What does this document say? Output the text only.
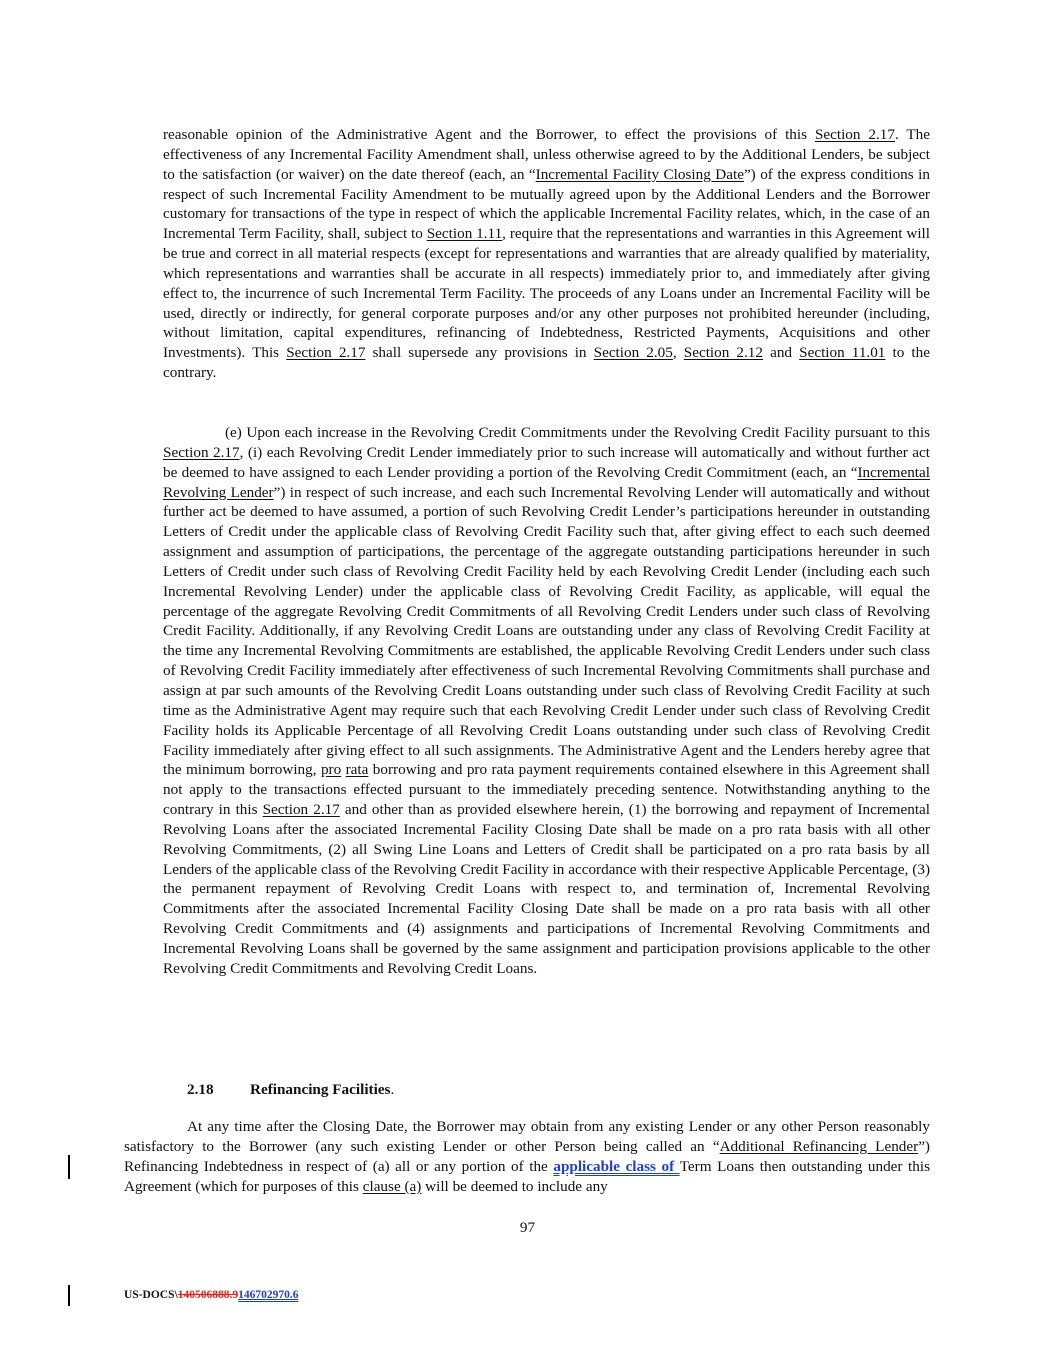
reasonable opinion of the Administrative Agent and the Borrower, to effect the provisions of this Section 2.17. The effectiveness of any Incremental Facility Amendment shall, unless otherwise agreed to by the Additional Lenders, be subject to the satisfaction (or waiver) on the date thereof (each, an “Incremental Facility Closing Date”) of the express conditions in respect of such Incremental Facility Amendment to be mutually agreed upon by the Additional Lenders and the Borrower customary for transactions of the type in respect of which the applicable Incremental Facility relates, which, in the case of an Incremental Term Facility, shall, subject to Section 1.11, require that the representations and warranties in this Agreement will be true and correct in all material respects (except for representations and warranties that are already qualified by materiality, which representations and warranties shall be accurate in all respects) immediately prior to, and immediately after giving effect to, the incurrence of such Incremental Term Facility. The proceeds of any Loans under an Incremental Facility will be used, directly or indirectly, for general corporate purposes and/or any other purposes not prohibited hereunder (including, without limitation, capital expenditures, refinancing of Indebtedness, Restricted Payments, Acquisitions and other Investments). This Section 2.17 shall supersede any provisions in Section 2.05, Section 2.12 and Section 11.01 to the contrary.
(e) Upon each increase in the Revolving Credit Commitments under the Revolving Credit Facility pursuant to this Section 2.17, (i) each Revolving Credit Lender immediately prior to such increase will automatically and without further act be deemed to have assigned to each Lender providing a portion of the Revolving Credit Commitment (each, an “Incremental Revolving Lender”) in respect of such increase, and each such Incremental Revolving Lender will automatically and without further act be deemed to have assumed, a portion of such Revolving Credit Lender’s participations hereunder in outstanding Letters of Credit under the applicable class of Revolving Credit Facility such that, after giving effect to each such deemed assignment and assumption of participations, the percentage of the aggregate outstanding participations hereunder in such Letters of Credit under such class of Revolving Credit Facility held by each Revolving Credit Lender (including each such Incremental Revolving Lender) under the applicable class of Revolving Credit Facility, as applicable, will equal the percentage of the aggregate Revolving Credit Commitments of all Revolving Credit Lenders under such class of Revolving Credit Facility. Additionally, if any Revolving Credit Loans are outstanding under any class of Revolving Credit Facility at the time any Incremental Revolving Commitments are established, the applicable Revolving Credit Lenders under such class of Revolving Credit Facility immediately after effectiveness of such Incremental Revolving Commitments shall purchase and assign at par such amounts of the Revolving Credit Loans outstanding under such class of Revolving Credit Facility at such time as the Administrative Agent may require such that each Revolving Credit Lender under such class of Revolving Credit Facility holds its Applicable Percentage of all Revolving Credit Loans outstanding under such class of Revolving Credit Facility immediately after giving effect to all such assignments. The Administrative Agent and the Lenders hereby agree that the minimum borrowing, pro rata borrowing and pro rata payment requirements contained elsewhere in this Agreement shall not apply to the transactions effected pursuant to the immediately preceding sentence. Notwithstanding anything to the contrary in this Section 2.17 and other than as provided elsewhere herein, (1) the borrowing and repayment of Incremental Revolving Loans after the associated Incremental Facility Closing Date shall be made on a pro rata basis with all other Revolving Commitments, (2) all Swing Line Loans and Letters of Credit shall be participated on a pro rata basis by all Lenders of the applicable class of the Revolving Credit Facility in accordance with their respective Applicable Percentage, (3) the permanent repayment of Revolving Credit Loans with respect to, and termination of, Incremental Revolving Commitments after the associated Incremental Facility Closing Date shall be made on a pro rata basis with all other Revolving Credit Commitments and (4) assignments and participations of Incremental Revolving Commitments and Incremental Revolving Loans shall be governed by the same assignment and participation provisions applicable to the other Revolving Credit Commitments and Revolving Credit Loans.
2.18 Refinancing Facilities.
At any time after the Closing Date, the Borrower may obtain from any existing Lender or any other Person reasonably satisfactory to the Borrower (any such existing Lender or other Person being called an “Additional Refinancing Lender”) Refinancing Indebtedness in respect of (a) all or any portion of the applicable class of Term Loans then outstanding under this Agreement (which for purposes of this clause (a) will be deemed to include any
97
US-DOCS\140506888.9146702970.6
